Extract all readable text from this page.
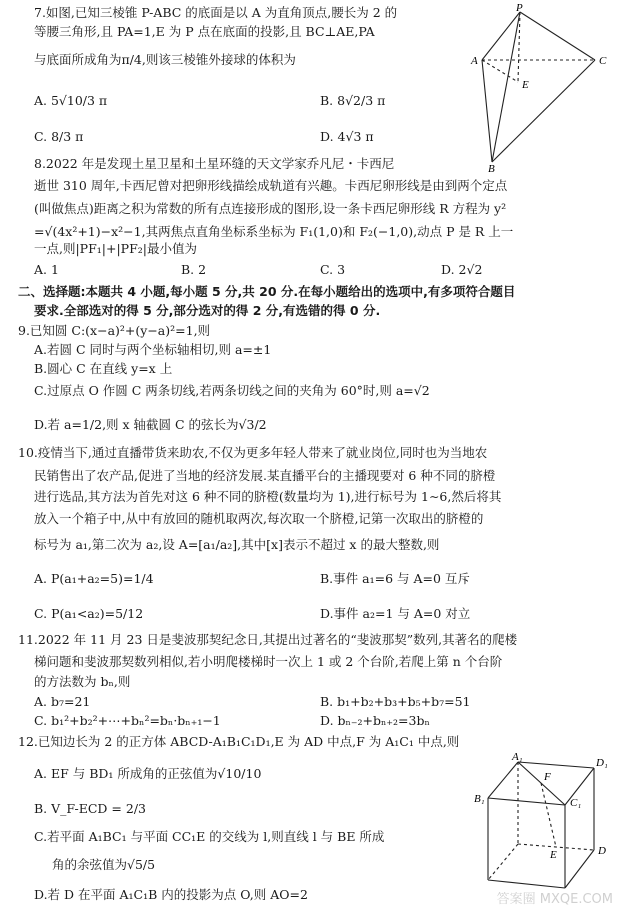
7.如图,已知三棱锥 P-ABC 的底面是以 A 为直角顶点,腰长为 2 的
等腰三角形,且 PA=1,E 为 P 点在底面的投影,且 BC⊥AE,PA
与底面所成角为π/4,则该三棱锥外接球的体积为
A. 5√10/3 π	B. 8√2/3 π
C. 8/3 π	D. 4√3 π
P
A	C
E
B
8.2022 年是发现土星卫星和土星环缝的天文学家乔凡尼・卡西尼
逝世 310 周年,卡西尼曾对把卵形线描绘成轨道有兴趣。卡西尼卵形线是由到两个定点
(叫做焦点)距离之积为常数的所有点连接形成的图形,设一条卡西尼卵形线 R 方程为 y²
=√(4x²+1)−x²−1,其两焦点直角坐标系坐标为 F₁(1,0)和 F₂(−1,0),动点 P 是 R 上一
一点,则|PF₁|+|PF₂|最小值为
A. 1	B. 2	C. 3	D. 2√2
二、选择题:本题共 4 小题,每小题 5 分,共 20 分.在每小题给出的选项中,有多项符合题目
要求.全部选对的得 5 分,部分选对的得 2 分,有选错的得 0 分.
9.已知圆 C:(x−a)²+(y−a)²=1,则
A.若圆 C 同时与两个坐标轴相切,则 a=±1
B.圆心 C 在直线 y=x 上
C.过原点 O 作圆 C 两条切线,若两条切线之间的夹角为 60°时,则 a=√2
D.若 a=1/2,则 x 轴截圆 C 的弦长为√3/2
10.疫情当下,通过直播带货来助农,不仅为更多年轻人带来了就业岗位,同时也为当地农
民销售出了农产品,促进了当地的经济发展.某直播平台的主播现要对 6 种不同的脐橙
进行选品,其方法为首先对这 6 种不同的脐橙(数量均为 1),进行标号为 1∼6,然后将其
放入一个箱子中,从中有放回的随机取两次,每次取一个脐橙,记第一次取出的脐橙的
标号为 a₁,第二次为 a₂,设 A=[a₁/a₂],其中[x]表示不超过 x 的最大整数,则
A. P(a₁+a₂=5)=1/4	B.事件 a₁=6 与 A=0 互斥
C. P(a₁<a₂)=5/12	D.事件 a₂=1 与 A=0 对立
11.2022 年 11 月 23 日是斐波那契纪念日,其提出过著名的“斐波那契”数列,其著名的爬楼
梯问题和斐波那契数列相似,若小明爬楼梯时一次上 1 或 2 个台阶,若爬上第 n 个台阶
的方法数为 bₙ,则
A. b₇=21	B. b₁+b₂+b₃+b₅+b₇=51
C. b₁²+b₂²+⋯+bₙ²=bₙ·bₙ₊₁−1	D. bₙ₋₂+bₙ₊₂=3bₙ
12.已知边长为 2 的正方体 ABCD-A₁B₁C₁D₁,E 为 AD 中点,F 为 A₁C₁ 中点,则
A. EF 与 BD₁ 所成角的正弦值为√10/10
B. V_F-ECD = 2/3
C.若平面 A₁BC₁ 与平面 CC₁E 的交线为 l,则直线 l 与 BE 所成
角的余弦值为√5/5
D.若 D 在平面 A₁C₁B 内的投影为点 O,则 AO=2
A₁	D₁
F
B₁	C₁
E	D
答案圈 MXQE.COM
